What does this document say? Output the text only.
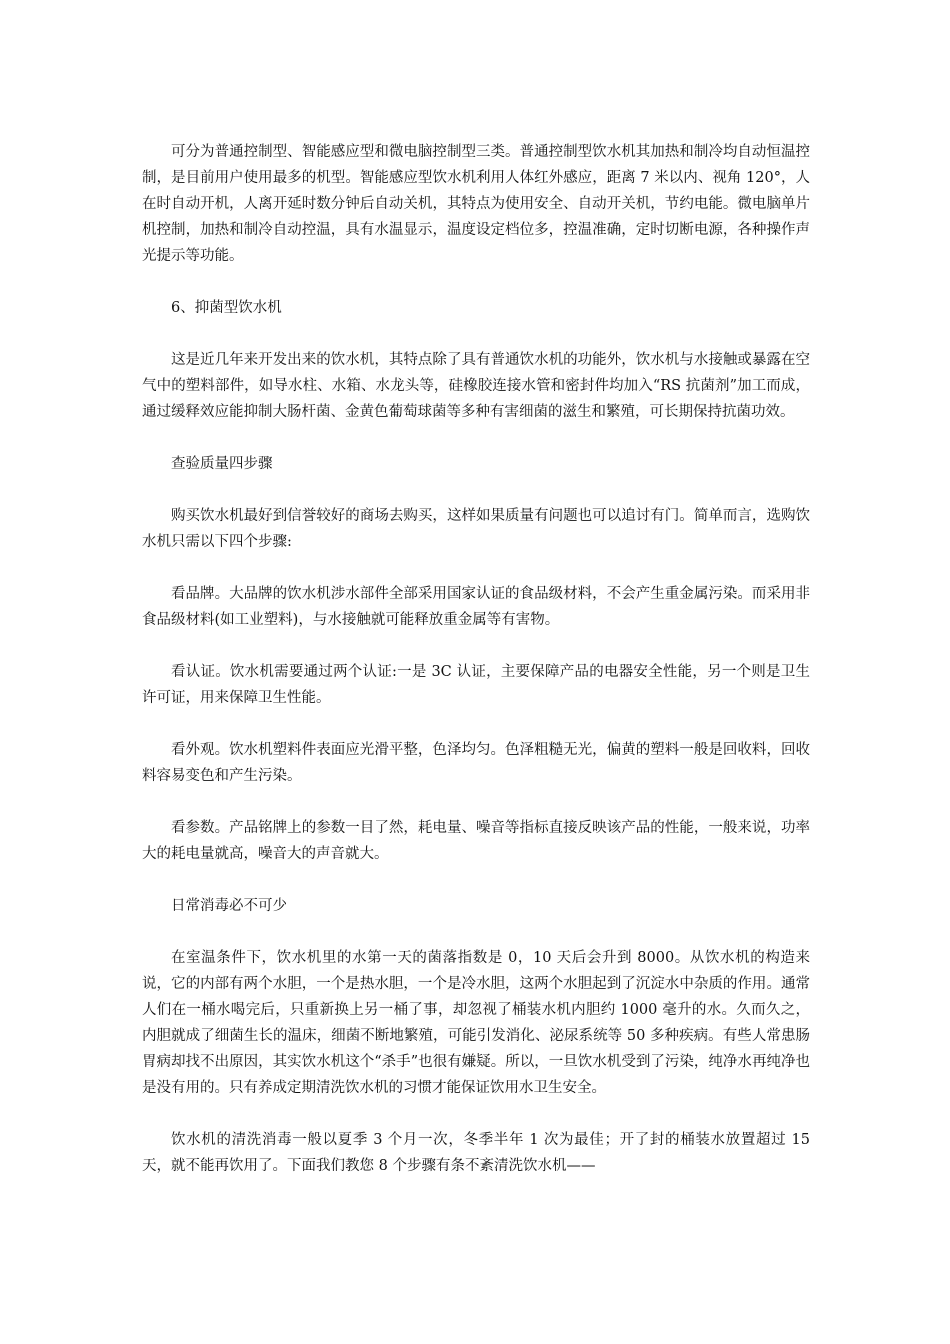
可分为普通控制型、智能感应型和微电脑控制型三类。普通控制型饮水机其加热和制冷均自动恒温控制，是目前用户使用最多的机型。智能感应型饮水机利用人体红外感应，距离 7 米以内、视角 120°，人在时自动开机，人离开延时数分钟后自动关机，其特点为使用安全、自动开关机，节约电能。微电脑单片机控制，加热和制冷自动控温，具有水温显示，温度设定档位多，控温准确，定时切断电源，各种操作声光提示等功能。

6、抑菌型饮水机

这是近几年来开发出来的饮水机，其特点除了具有普通饮水机的功能外，饮水机与水接触或暴露在空气中的塑料部件，如导水柱、水箱、水龙头等，硅橡胶连接水管和密封件均加入“RS 抗菌剂”加工而成，通过缓释效应能抑制大肠杆菌、金黄色葡萄球菌等多种有害细菌的滋生和繁殖，可长期保持抗菌功效。

查验质量四步骤

购买饮水机最好到信誉较好的商场去购买，这样如果质量有问题也可以追讨有门。简单而言，选购饮水机只需以下四个步骤:

看品牌。大品牌的饮水机涉水部件全部采用国家认证的食品级材料，不会产生重金属污染。而采用非食品级材料(如工业塑料)，与水接触就可能释放重金属等有害物。

看认证。饮水机需要通过两个认证:一是 3C 认证，主要保障产品的电器安全性能，另一个则是卫生许可证，用来保障卫生性能。

看外观。饮水机塑料件表面应光滑平整，色泽均匀。色泽粗糙无光，偏黄的塑料一般是回收料，回收料容易变色和产生污染。

看参数。产品铭牌上的参数一目了然，耗电量、噪音等指标直接反映该产品的性能，一般来说，功率大的耗电量就高，噪音大的声音就大。

日常消毒必不可少

在室温条件下，饮水机里的水第一天的菌落指数是 0，10 天后会升到 8000。从饮水机的构造来说，它的内部有两个水胆，一个是热水胆，一个是冷水胆，这两个水胆起到了沉淀水中杂质的作用。通常人们在一桶水喝完后，只重新换上另一桶了事，却忽视了桶装水机内胆约 1000 毫升的水。久而久之，内胆就成了细菌生长的温床，细菌不断地繁殖，可能引发消化、泌尿系统等 50 多种疾病。有些人常患肠胃病却找不出原因，其实饮水机这个“杀手”也很有嫌疑。所以，一旦饮水机受到了污染，纯净水再纯净也是没有用的。只有养成定期清洗饮水机的习惯才能保证饮用水卫生安全。

饮水机的清洗消毒一般以夏季 3 个月一次，冬季半年 1 次为最佳；开了封的桶装水放置超过 15 天，就不能再饮用了。下面我们教您 8 个步骤有条不紊清洗饮水机——
